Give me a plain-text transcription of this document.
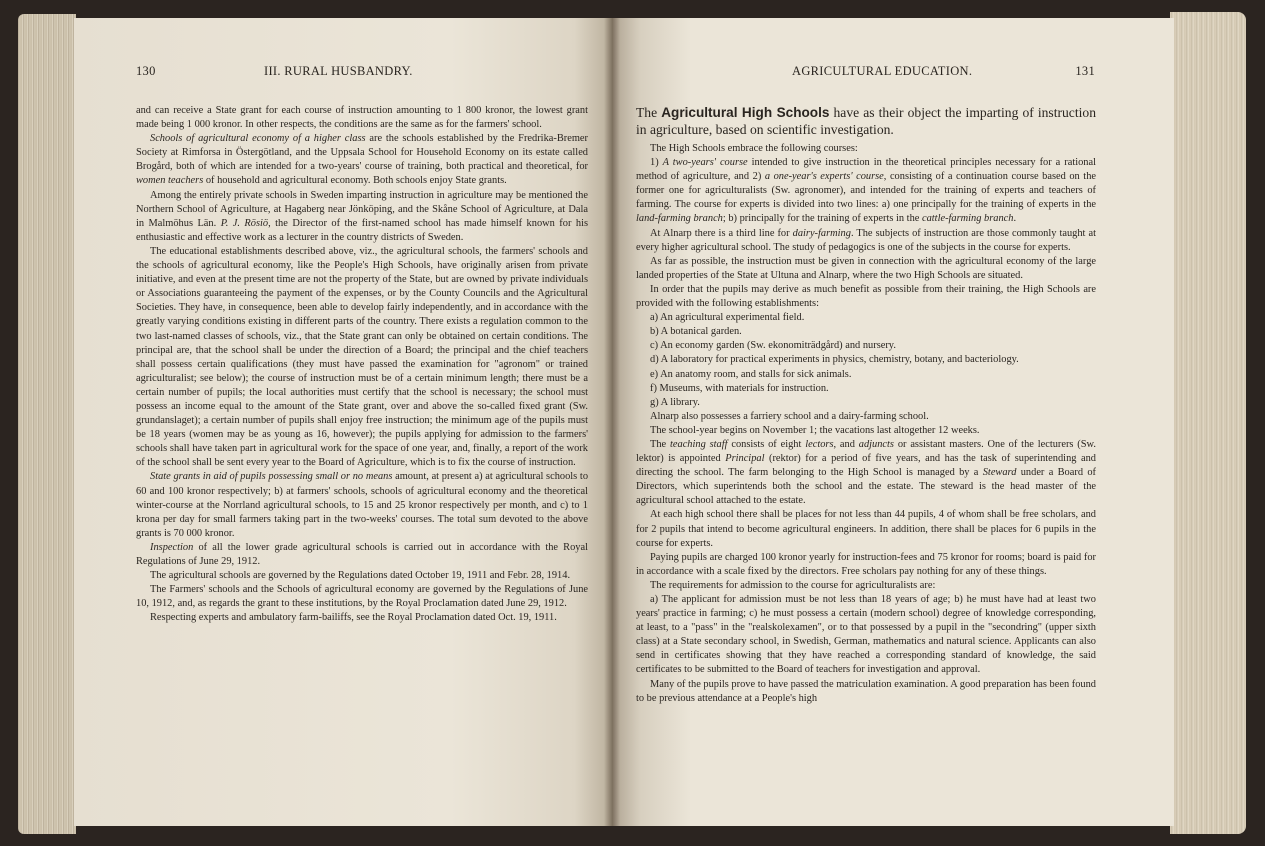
130	III. RURAL HUSBANDRY.

and can receive a State grant for each course of instruction amounting to 1 800 kronor, the lowest grant made being 1 000 kronor. In other respects, the conditions are the same as for the farmers' school.

Schools of agricultural economy of a higher class are the schools established by the Fredrika-Bremer Society at Rimforsa in Östergötland, and the Uppsala School for Household Economy on its estate called Brogård, both of which are intended for a two-years' course of training, both practical and theoretical, for women teachers of household and agricultural economy. Both schools enjoy State grants.

Among the entirely private schools in Sweden imparting instruction in agriculture may be mentioned the Northern School of Agriculture, at Hagaberg near Jönköping, and the Skåne School of Agriculture, at Dala in Malmöhus Län. P. J. Rösiö, the Director of the first-named school has made himself known for his enthusiastic and effective work as a lecturer in the country districts of Sweden.

The educational establishments described above, viz., the agricultural schools, the farmers' schools and the schools of agricultural economy, like the People's High Schools, have originally arisen from private initiative, and even at the present time are not the property of the State, but are owned by private individuals or Associations guaranteeing the payment of the expenses, or by the County Councils and the Agricultural Societies. They have, in consequence, been able to develop fairly independently, and in accordance with the greatly varying conditions existing in different parts of the country. There exists a regulation common to the two last-named classes of schools, viz., that the State grant can only be obtained on certain conditions. The principal are, that the school shall be under the direction of a Board; the principal and the chief teachers shall possess certain qualifications (they must have passed the examination for "agronom" or trained agriculturalist; see below); the course of instruction must be of a certain minimum length; there must be a certain number of pupils; the local authorities must certify that the school is necessary; the school must possess an income equal to the amount of the State grant, over and above the so-called fixed grant (Sw. grundanslaget); a certain number of pupils shall enjoy free instruction; the minimum age of the pupils must be 18 years (women may be as young as 16, however); the pupils applying for admission to the farmers' schools shall have taken part in agricultural work for the space of one year, and, finally, a report of the work of the school shall be sent every year to the Board of Agriculture, which is to fix the course of instruction.

State grants in aid of pupils possessing small or no means amount, at present a) at agricultural schools to 60 and 100 kronor respectively; b) at farmers' schools, schools of agricultural economy and the theoretical winter-course at the Norrland agricultural schools, to 15 and 25 kronor respectively per month, and c) to 1 krona per day for small farmers taking part in the two-weeks' courses. The total sum devoted to the above grants is 70 000 kronor.

Inspection of all the lower grade agricultural schools is carried out in accordance with the Royal Regulations of June 29, 1912.

The agricultural schools are governed by the Regulations dated October 19, 1911 and Febr. 28, 1914.

The Farmers' schools and the Schools of agricultural economy are governed by the Regulations of June 10, 1912, and, as regards the grant to these institutions, by the Royal Proclamation dated June 29, 1912.

Respecting experts and ambulatory farm-bailiffs, see the Royal Proclamation dated Oct. 19, 1911.

AGRICULTURAL EDUCATION.	131

The Agricultural High Schools have as their object the imparting of instruction in agriculture, based on scientific investigation.

The High Schools embrace the following courses:

1) A two-years' course intended to give instruction in the theoretical principles necessary for a rational method of agriculture, and 2) a one-year's experts' course, consisting of a continuation course based on the former one for agriculturalists (Sw. agronomer), and intended for the training of experts and teachers of farming. The course for experts is divided into two lines: a) one principally for the training of experts in the land-farming branch; b) principally for the training of experts in the cattle-farming branch.

At Alnarp there is a third line for dairy-farming. The subjects of instruction are those commonly taught at every higher agricultural school. The study of pedagogics is one of the subjects in the course for experts.

As far as possible, the instruction must be given in connection with the agricultural economy of the large landed properties of the State at Ultuna and Alnarp, where the two High Schools are situated.

In order that the pupils may derive as much benefit as possible from their training, the High Schools are provided with the following establishments:

a) An agricultural experimental field.

b) A botanical garden.

c) An economy garden (Sw. ekonomiträdgård) and nursery.

d) A laboratory for practical experiments in physics, chemistry, botany, and bacteriology.

e) An anatomy room, and stalls for sick animals.

f) Museums, with materials for instruction.

g) A library.

Alnarp also possesses a farriery school and a dairy-farming school.

The school-year begins on November 1; the vacations last altogether 12 weeks.

The teaching staff consists of eight lectors, and adjuncts or assistant masters. One of the lecturers (Sw. lektor) is appointed Principal (rektor) for a period of five years, and has the task of superintending and directing the school. The farm belonging to the High School is managed by a Steward under a Board of Directors, which superintends both the school and the estate. The steward is the head master of the agricultural school attached to the estate.

At each high school there shall be places for not less than 44 pupils, 4 of whom shall be free scholars, and for 2 pupils that intend to become agricultural engineers. In addition, there shall be places for 6 pupils in the course for experts.

Paying pupils are charged 100 kronor yearly for instruction-fees and 75 kronor for rooms; board is paid for in accordance with a scale fixed by the directors. Free scholars pay nothing for any of these things.

The requirements for admission to the course for agriculturalists are:

a) The applicant for admission must be not less than 18 years of age; b) he must have had at least two years' practice in farming; c) he must possess a certain (modern school) degree of knowledge corresponding, at least, to a "pass" in the "realskolexamen", or to that possessed by a pupil in the "secondring" (upper sixth class) at a State secondary school, in Swedish, German, mathematics and natural science. Applicants can also send in certificates showing that they have reached a corresponding standard of knowledge, the said certificates to be submitted to the Board of teachers for investigation and approval.

Many of the pupils prove to have passed the matriculation examination. A good preparation has been found to be previous attendance at a People's high
